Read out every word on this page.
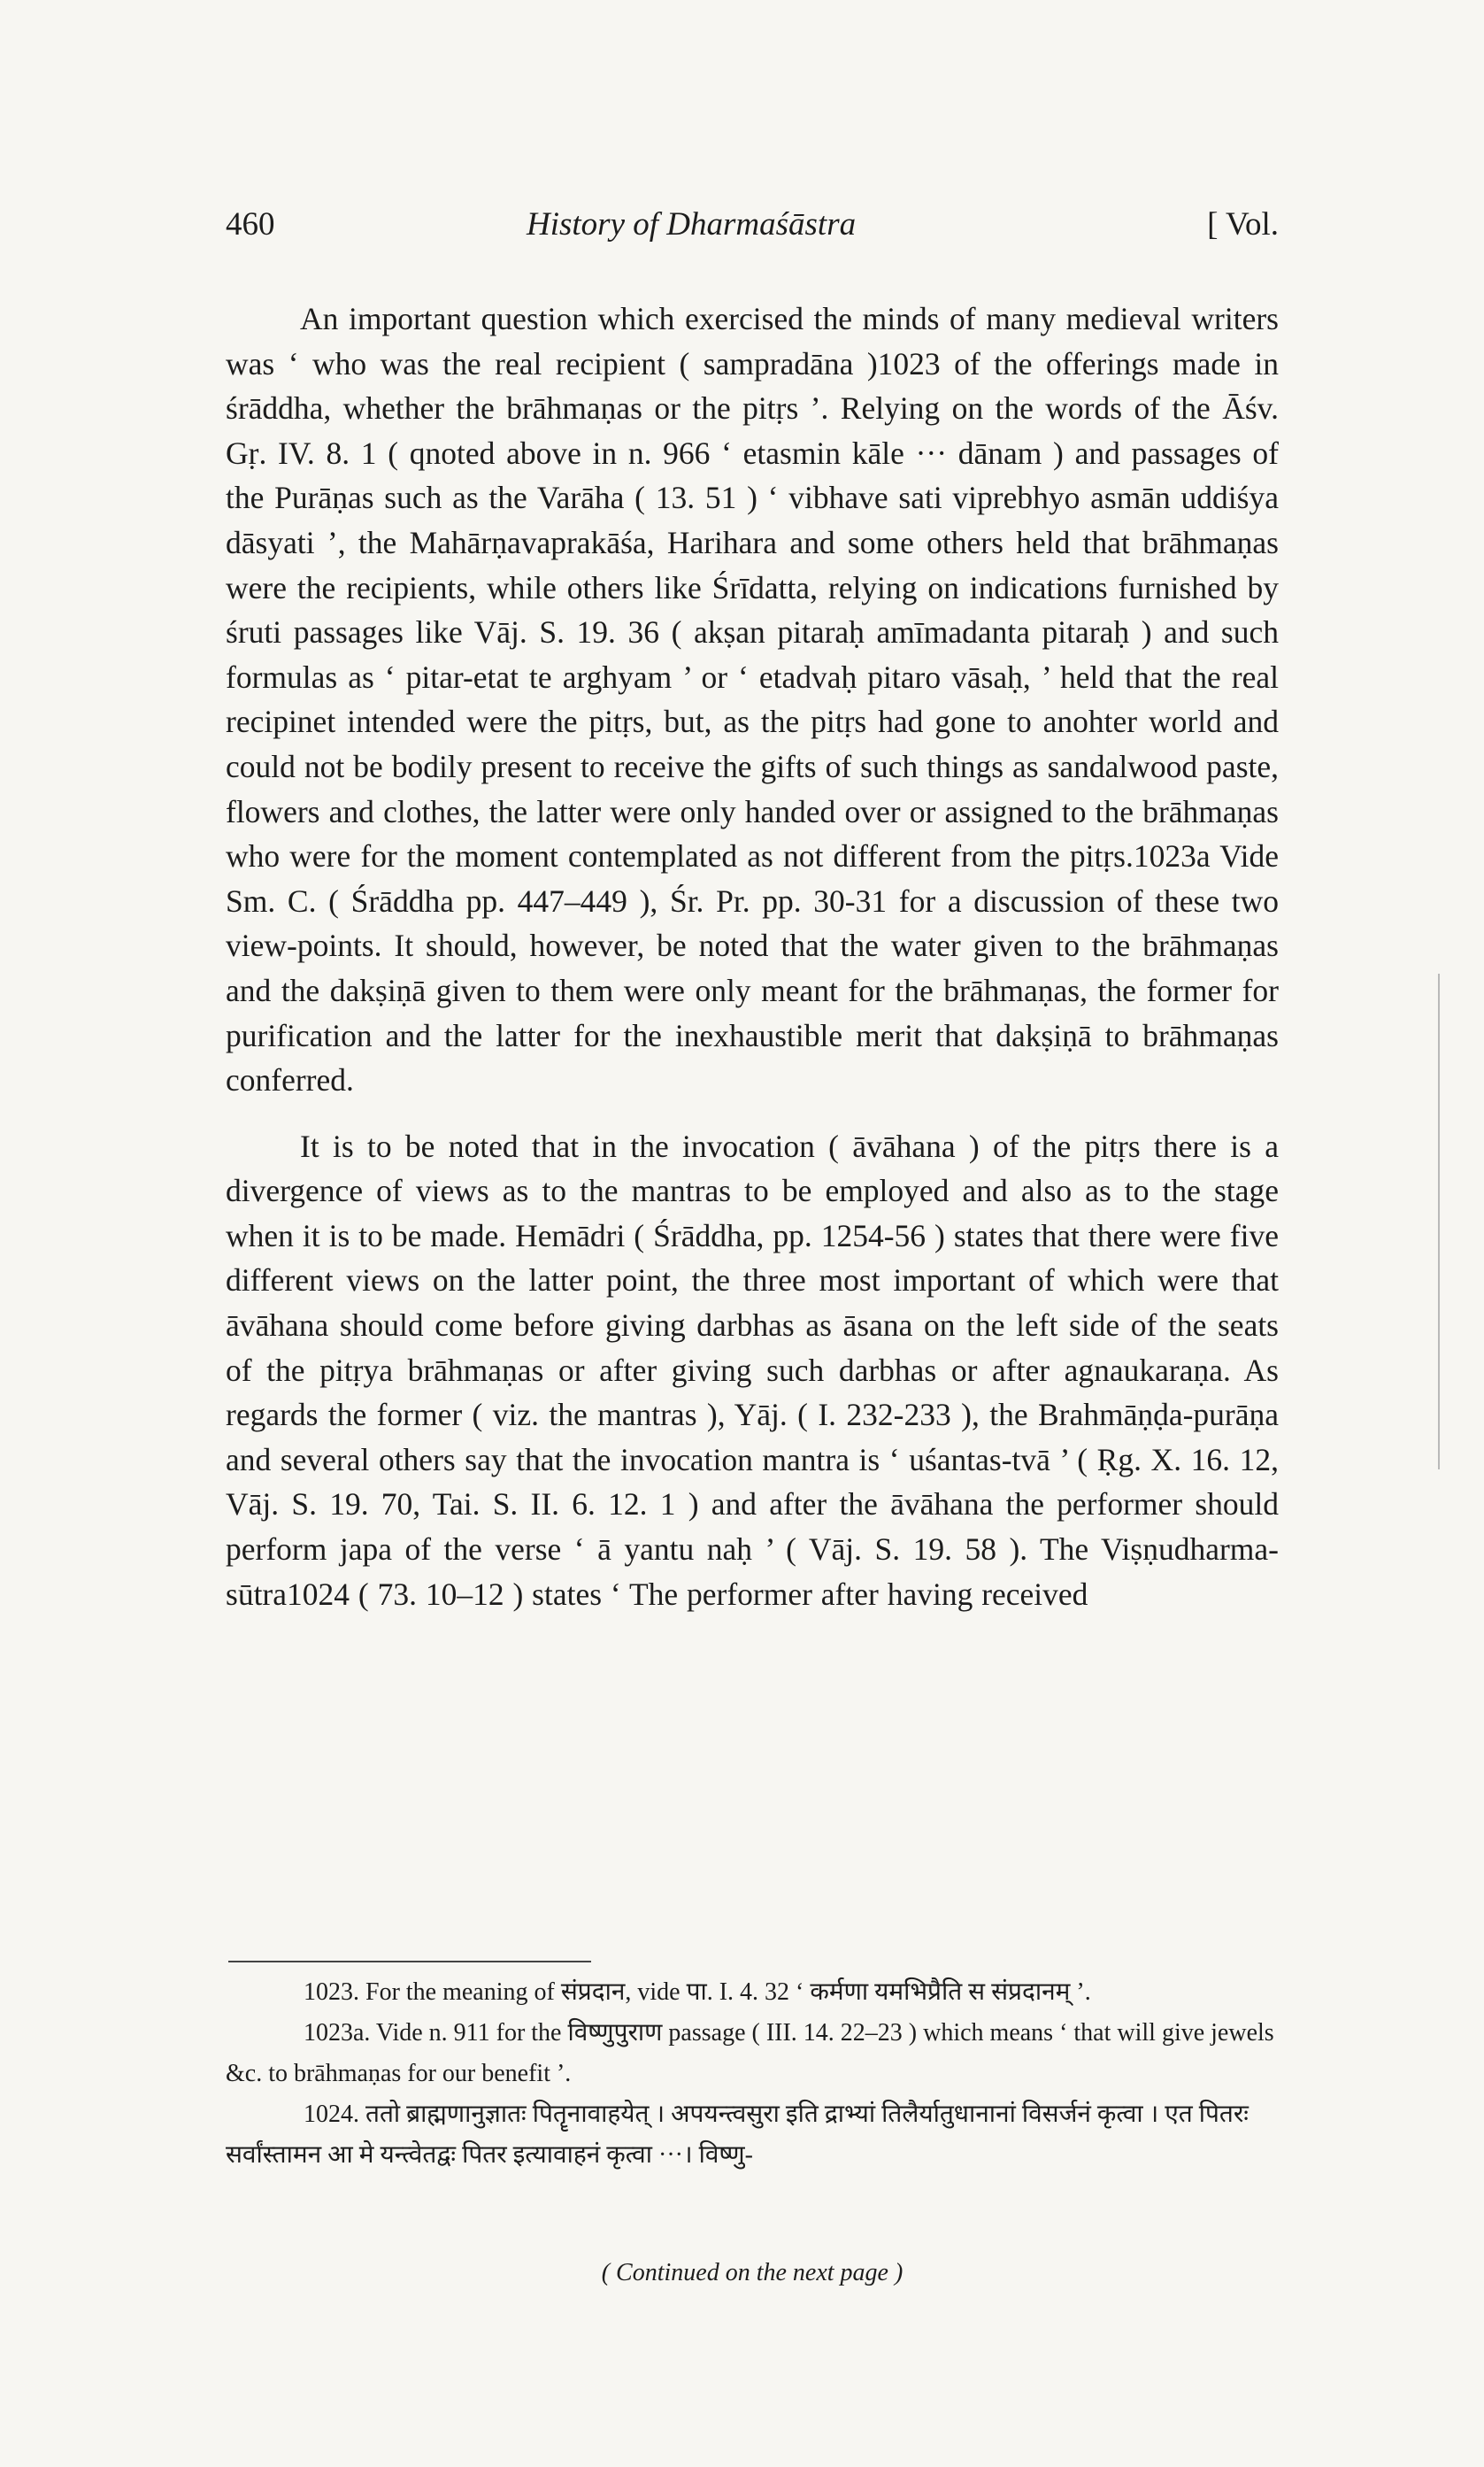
460	History of Dharmaśāstra	[ Vol.

An important question which exercised the minds of many medieval writers was ‘ who was the real recipient ( sampradāna )1023 of the offerings made in śrāddha, whether the brāhmaṇas or the pitṛs ’. Relying on the words of the Āśv. Gṛ. IV. 8. 1 ( qnoted above in n. 966 ‘ etasmin kāle ··· dānam ) and passages of the Purāṇas such as the Varāha ( 13. 51 ) ‘ vibhave sati viprebhyo asmān uddiśya dāsyati ’, the Mahārṇavaprakāśa, Harihara and some others held that brāhmaṇas were the recipients, while others like Śrīdatta, relying on indications furnished by śruti passages like Vāj. S. 19. 36 ( akṣan pitaraḥ amīmadanta pitaraḥ ) and such formulas as ‘ pitar-etat te arghyam ’ or ‘ etadvaḥ pitaro vāsaḥ, ’ held that the real recipinet intended were the pitṛs, but, as the pitṛs had gone to anohter world and could not be bodily present to receive the gifts of such things as sandalwood paste, flowers and clothes, the latter were only handed over or assigned to the brāhmaṇas who were for the moment contemplated as not different from the pitṛs.1023a Vide Sm. C. ( Śrāddha pp. 447–449 ), Śr. Pr. pp. 30-31 for a discussion of these two view-points. It should, however, be noted that the water given to the brāhmaṇas and the dakṣiṇā given to them were only meant for the brāhmaṇas, the former for purification and the latter for the inexhaustible merit that dakṣiṇā to brāhmaṇas conferred.

It is to be noted that in the invocation ( āvāhana ) of the pitṛs there is a divergence of views as to the mantras to be employed and also as to the stage when it is to be made. Hemādri ( Śrāddha, pp. 1254-56 ) states that there were five different views on the latter point, the three most important of which were that āvāhana should come before giving darbhas as āsana on the left side of the seats of the pitṛya brāhmaṇas or after giving such darbhas or after agnaukaraṇa. As regards the former ( viz. the mantras ), Yāj. ( I. 232-233 ), the Brahmāṇḍa-purāṇa and several others say that the invocation mantra is ‘ uśantas-tvā ’ ( Ṛg. X. 16. 12, Vāj. S. 19. 70, Tai. S. II. 6. 12. 1 ) and after the āvāhana the performer should perform japa of the verse ‘ ā yantu naḥ ’ ( Vāj. S. 19. 58 ). The Viṣṇudharma-sūtra1024 ( 73. 10–12 ) states ‘ The performer after having received

1023. For the meaning of संप्रदान, vide पा. I. 4. 32 ‘ कर्मणा यमभिप्रैति स संप्रदानम् ’.
1023a. Vide n. 911 for the विष्णुपुराण passage ( III. 14. 22–23 ) which means ‘ that will give jewels &c. to brāhmaṇas for our benefit ’.
1024. ततो ब्राह्मणानुज्ञातः पितॄनावाहयेत् । अपयन्त्वसुरा इति द्राभ्यां तिलैर्यातुधानानां विसर्जनं कृत्वा । एत पितरः सर्वांस्तामन आ मे यन्त्वेतद्वः पितर इत्यावाहनं कृत्वा ···। विष्णु-
( Continued on the next page )
